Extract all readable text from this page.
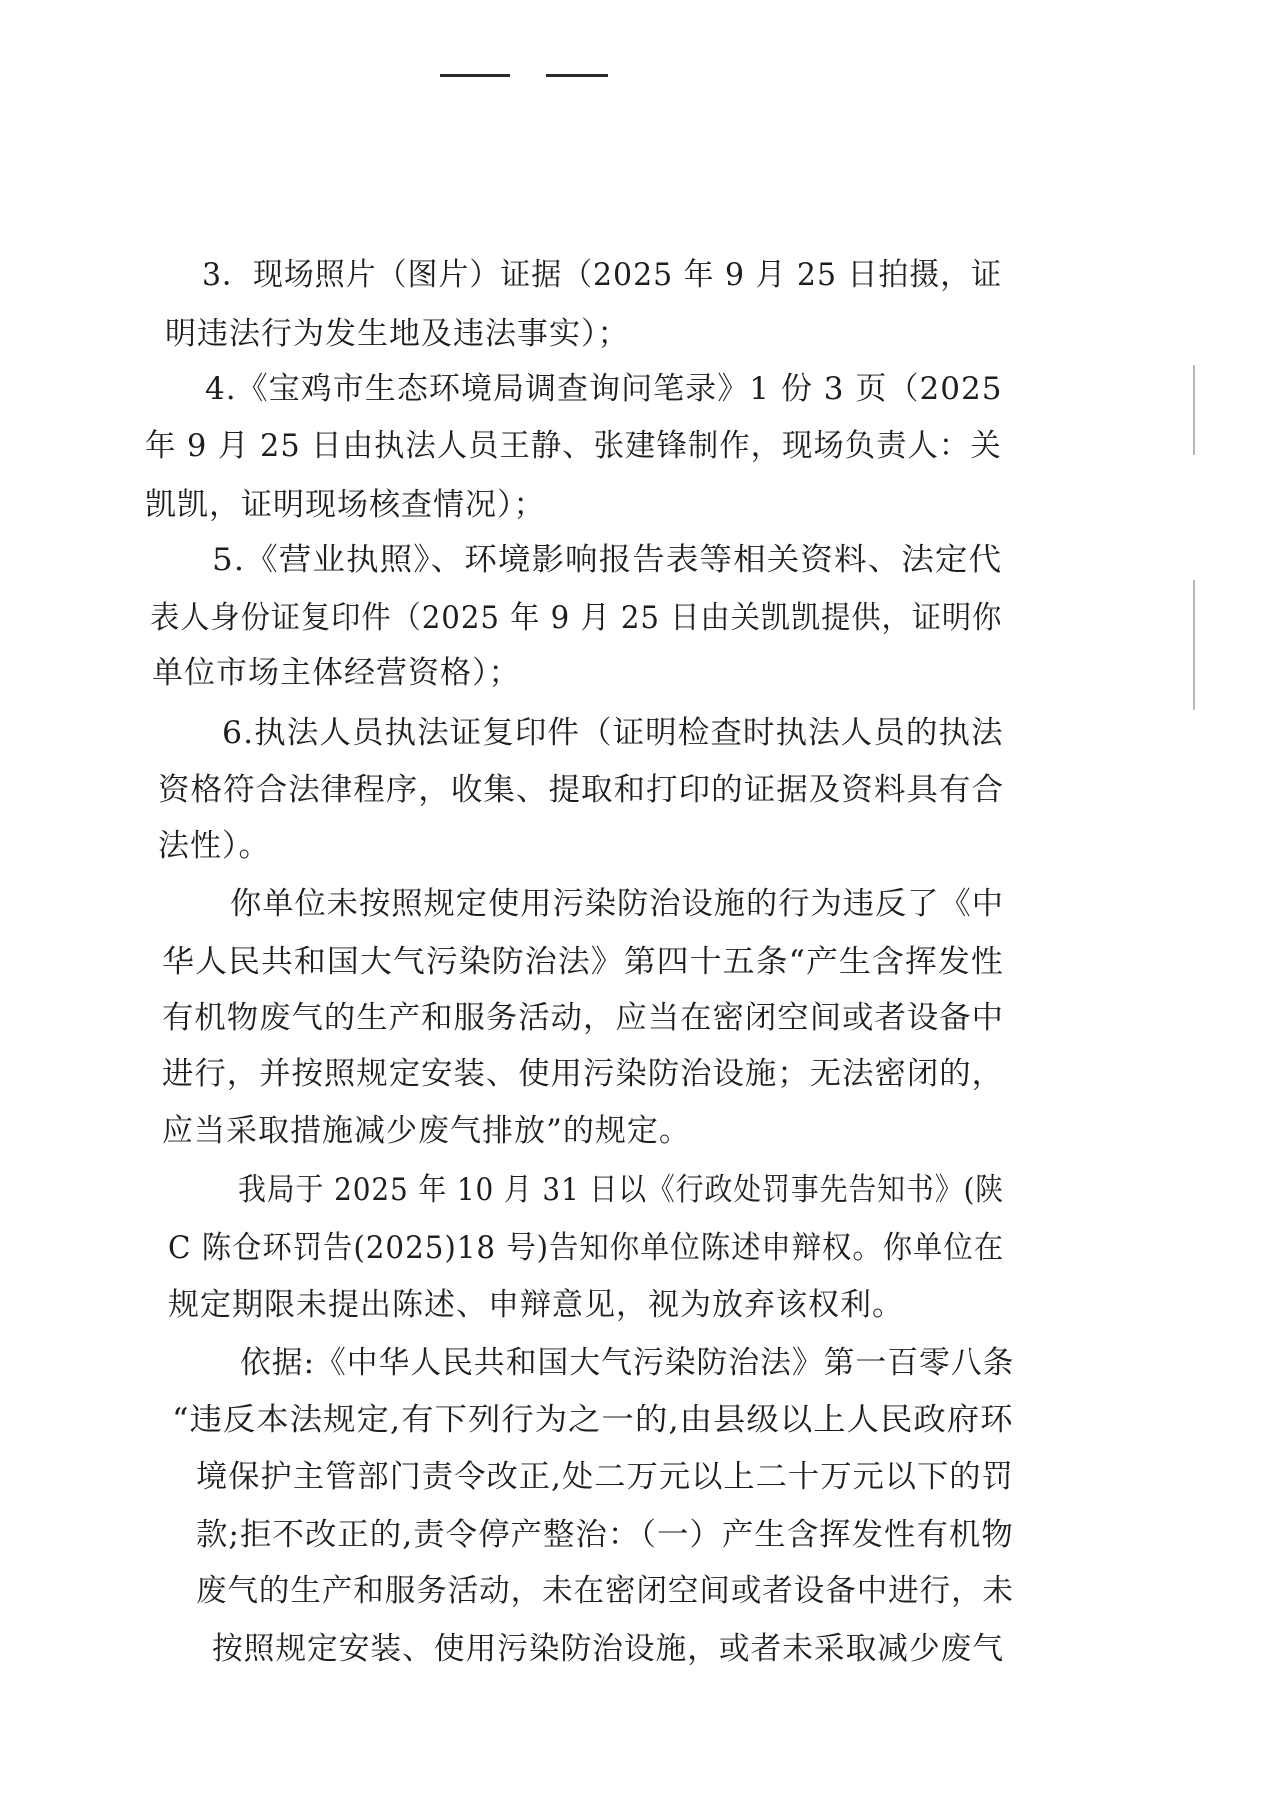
3．现场照片（图片）证据（2025 年 9 月 25 日拍摄，证
明违法行为发生地及违法事实）；
4.《宝鸡市生态环境局调查询问笔录》1 份 3 页（2025
年 9 月 25 日由执法人员王静、张建锋制作，现场负责人：关
凯凯，证明现场核查情况）；
5.《营业执照》、环境影响报告表等相关资料、法定代
表人身份证复印件（2025 年 9 月 25 日由关凯凯提供，证明你
单位市场主体经营资格）；
6.执法人员执法证复印件（证明检查时执法人员的执法
资格符合法律程序，收集、提取和打印的证据及资料具有合
法性）。
你单位未按照规定使用污染防治设施的行为违反了《中
华人民共和国大气污染防治法》第四十五条“产生含挥发性
有机物废气的生产和服务活动，应当在密闭空间或者设备中
进行，并按照规定安装、使用污染防治设施；无法密闭的，
应当采取措施减少废气排放”的规定。
我局于 2025 年 10 月 31 日以《行政处罚事先告知书》(陕
C 陈仓环罚告(2025)18 号)告知你单位陈述申辩权。你单位在
规定期限未提出陈述、申辩意见，视为放弃该权利。
依据:《中华人民共和国大气污染防治法》第一百零八条
“违反本法规定,有下列行为之一的,由县级以上人民政府环
境保护主管部门责令改正,处二万元以上二十万元以下的罚
款;拒不改正的,责令停产整治：（一）产生含挥发性有机物
废气的生产和服务活动，未在密闭空间或者设备中进行，未
按照规定安装、使用污染防治设施，或者未采取减少废气
